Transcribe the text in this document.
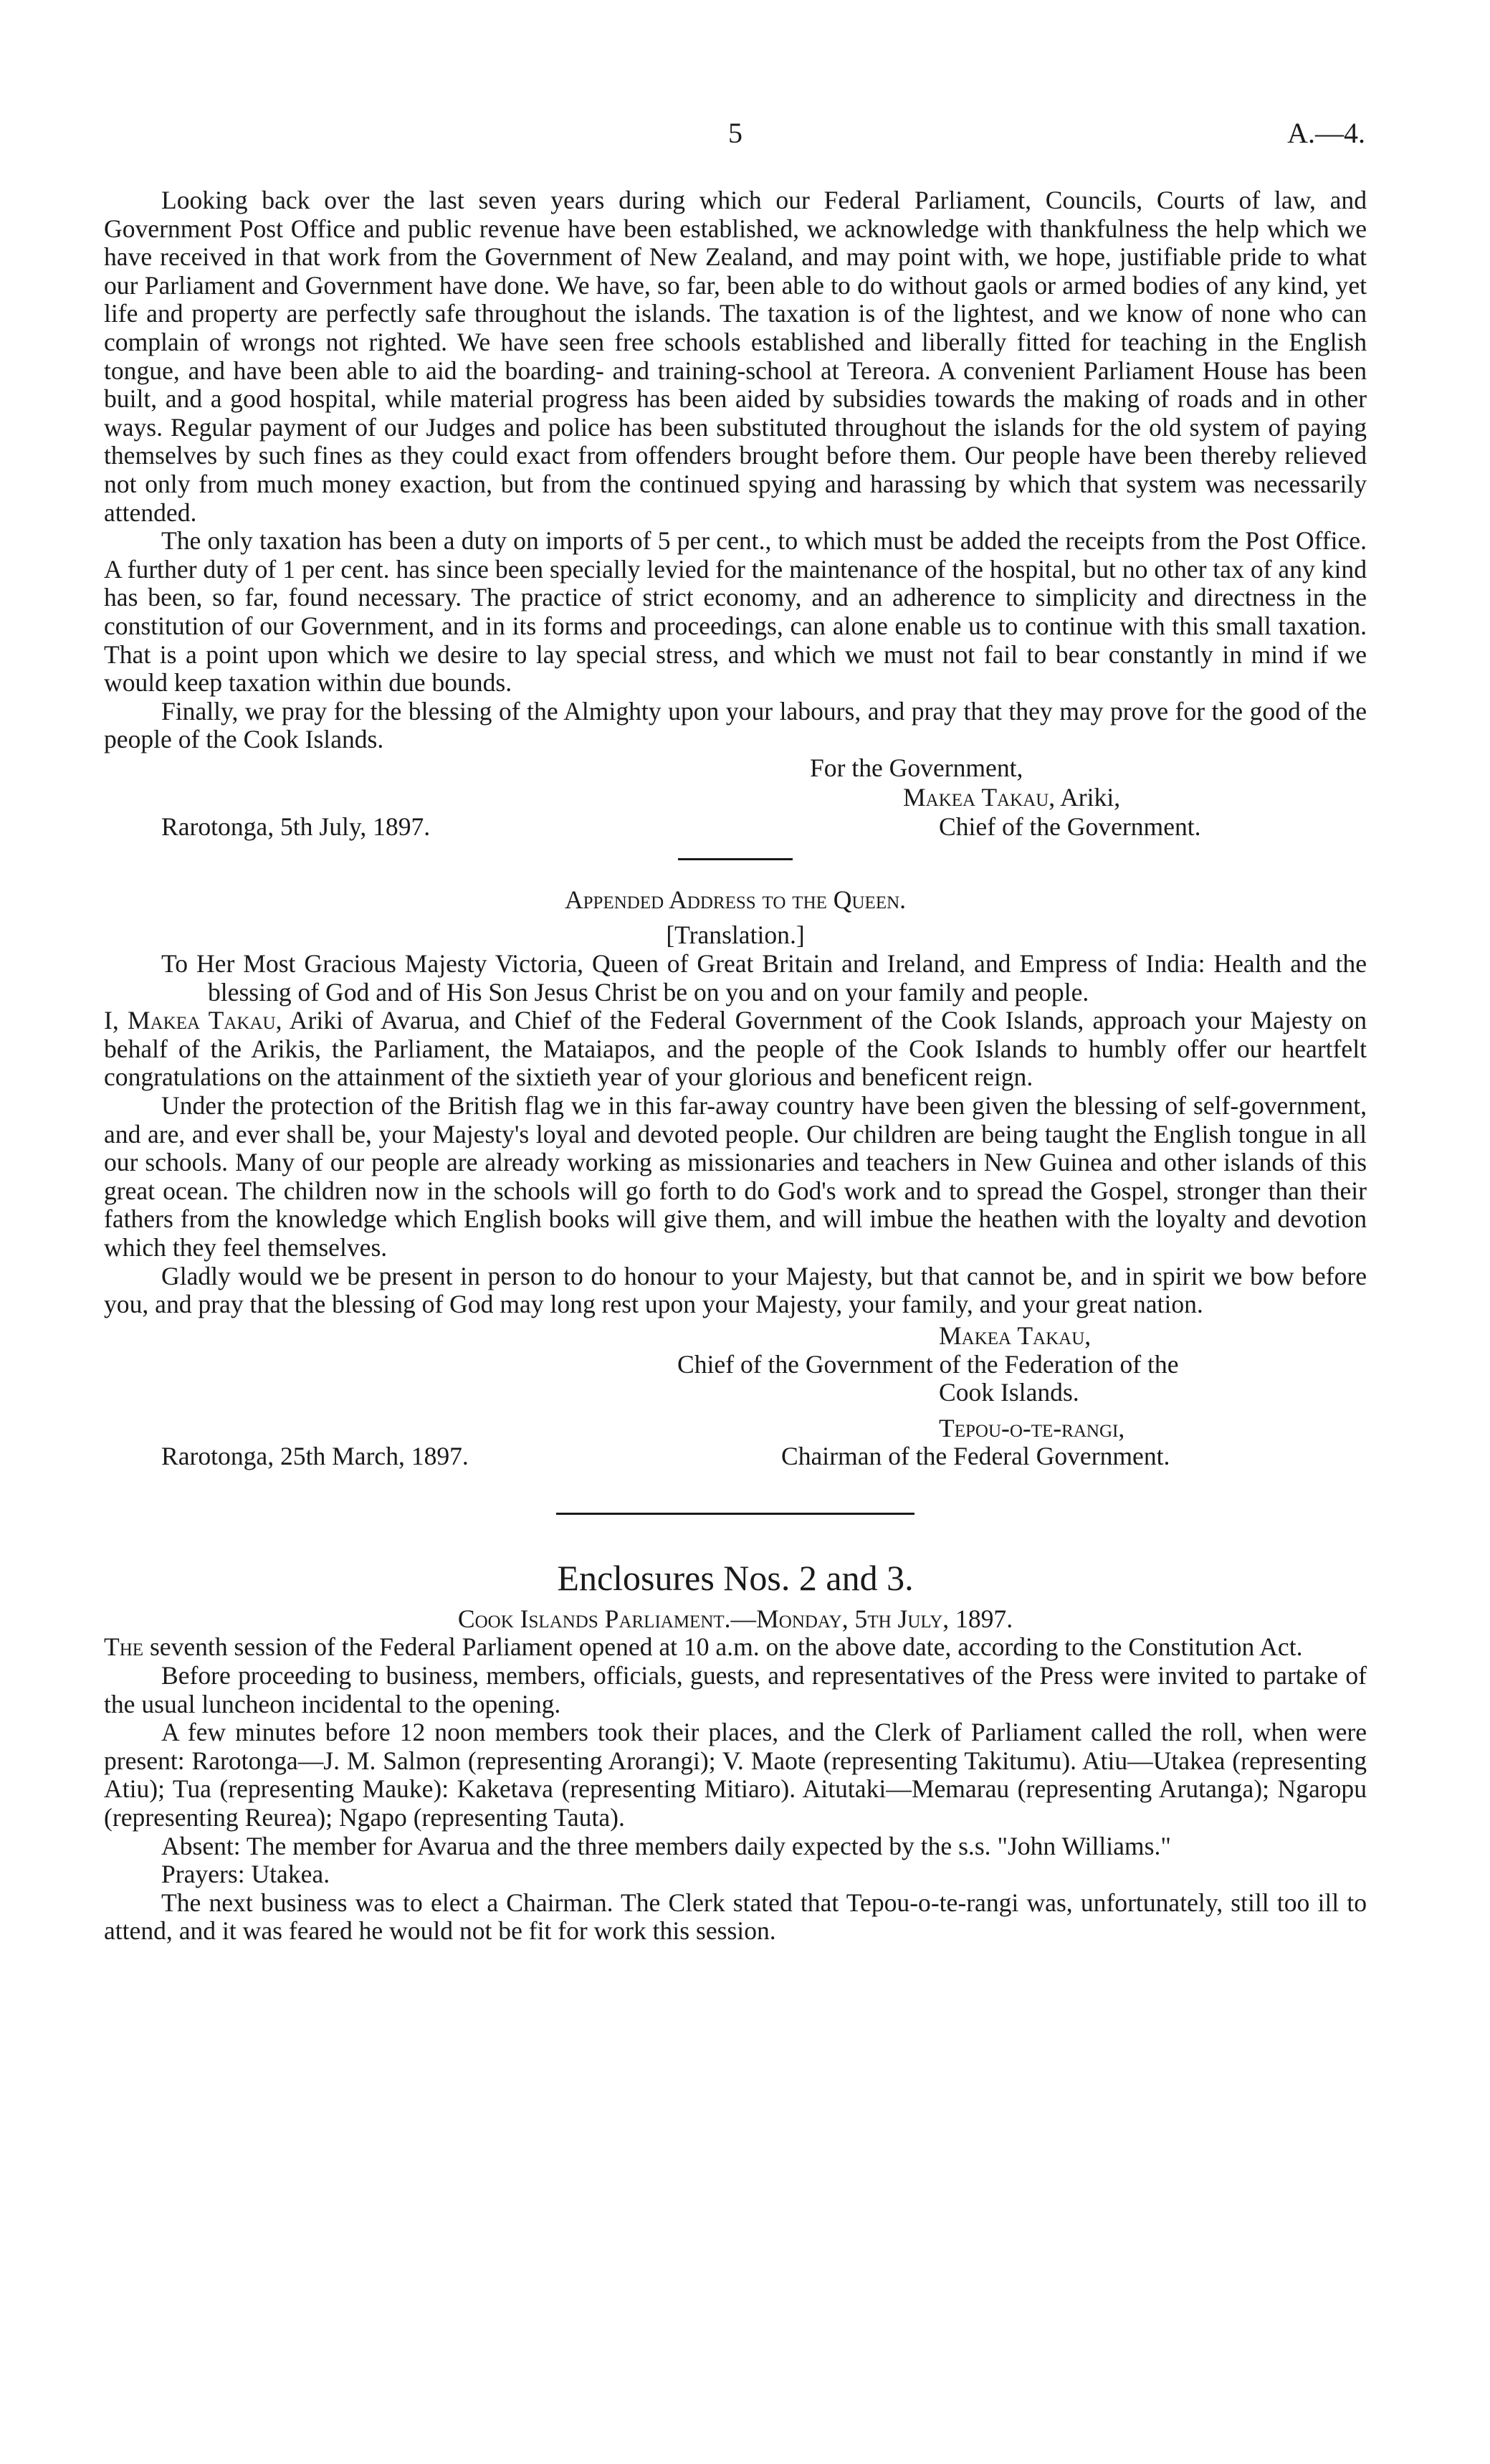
5	A.—4.

Looking back over the last seven years during which our Federal Parliament, Councils, Courts of law, and Government Post Office and public revenue have been established, we acknowledge with thankfulness the help which we have received in that work from the Government of New Zealand, and may point with, we hope, justifiable pride to what our Parliament and Government have done. We have, so far, been able to do without gaols or armed bodies of any kind, yet life and property are perfectly safe throughout the islands. The taxation is of the lightest, and we know of none who can complain of wrongs not righted. We have seen free schools established and liberally fitted for teaching in the English tongue, and have been able to aid the boarding- and training-school at Tereora. A convenient Parliament House has been built, and a good hospital, while material progress has been aided by subsidies towards the making of roads and in other ways. Regular payment of our Judges and police has been substituted throughout the islands for the old system of paying themselves by such fines as they could exact from offenders brought before them. Our people have been thereby relieved not only from much money exaction, but from the continued spying and harassing by which that system was necessarily attended.

The only taxation has been a duty on imports of 5 per cent., to which must be added the receipts from the Post Office. A further duty of 1 per cent. has since been specially levied for the maintenance of the hospital, but no other tax of any kind has been, so far, found necessary. The practice of strict economy, and an adherence to simplicity and directness in the constitution of our Government, and in its forms and proceedings, can alone enable us to continue with this small taxation. That is a point upon which we desire to lay special stress, and which we must not fail to bear constantly in mind if we would keep taxation within due bounds.

Finally, we pray for the blessing of the Almighty upon your labours, and pray that they may prove for the good of the people of the Cook Islands.

For the Government,
Makea Takau, Ariki,
Rarotonga, 5th July, 1897.	Chief of the Government.
Appended Address to the Queen.
[Translation.]

To Her Most Gracious Majesty Victoria, Queen of Great Britain and Ireland, and Empress of India: Health and the blessing of God and of His Son Jesus Christ be on you and on your family and people.

I, Makea Takau, Ariki of Avarua, and Chief of the Federal Government of the Cook Islands, approach your Majesty on behalf of the Arikis, the Parliament, the Mataiapos, and the people of the Cook Islands to humbly offer our heartfelt congratulations on the attainment of the sixtieth year of your glorious and beneficent reign.

Under the protection of the British flag we in this far-away country have been given the blessing of self-government, and are, and ever shall be, your Majesty's loyal and devoted people. Our children are being taught the English tongue in all our schools. Many of our people are already working as missionaries and teachers in New Guinea and other islands of this great ocean. The children now in the schools will go forth to do God's work and to spread the Gospel, stronger than their fathers from the knowledge which English books will give them, and will imbue the heathen with the loyalty and devotion which they feel themselves.

Gladly would we be present in person to do honour to your Majesty, but that cannot be, and in spirit we bow before you, and pray that the blessing of God may long rest upon your Majesty, your family, and your great nation.

Makea Takau,
Chief of the Government of the Federation of the
Cook Islands.
Tepou-o-te-rangi,
Rarotonga, 25th March, 1897.	Chairman of the Federal Government.
Enclosures Nos. 2 and 3.
Cook Islands Parliament.—Monday, 5th July, 1897.

The seventh session of the Federal Parliament opened at 10 a.m. on the above date, according to the Constitution Act.

Before proceeding to business, members, officials, guests, and representatives of the Press were invited to partake of the usual luncheon incidental to the opening.

A few minutes before 12 noon members took their places, and the Clerk of Parliament called the roll, when were present: Rarotonga—J. M. Salmon (representing Arorangi); V. Maote (representing Takitumu). Atiu—Utakea (representing Atiu); Tua (representing Mauke): Kaketava (representing Mitiaro). Aitutaki—Memarau (representing Arutanga); Ngaropu (representing Reurea); Ngapo (representing Tauta).

Absent: The member for Avarua and the three members daily expected by the s.s. "John Williams."

Prayers: Utakea.

The next business was to elect a Chairman. The Clerk stated that Tepou-o-te-rangi was, unfortunately, still too ill to attend, and it was feared he would not be fit for work this session.
